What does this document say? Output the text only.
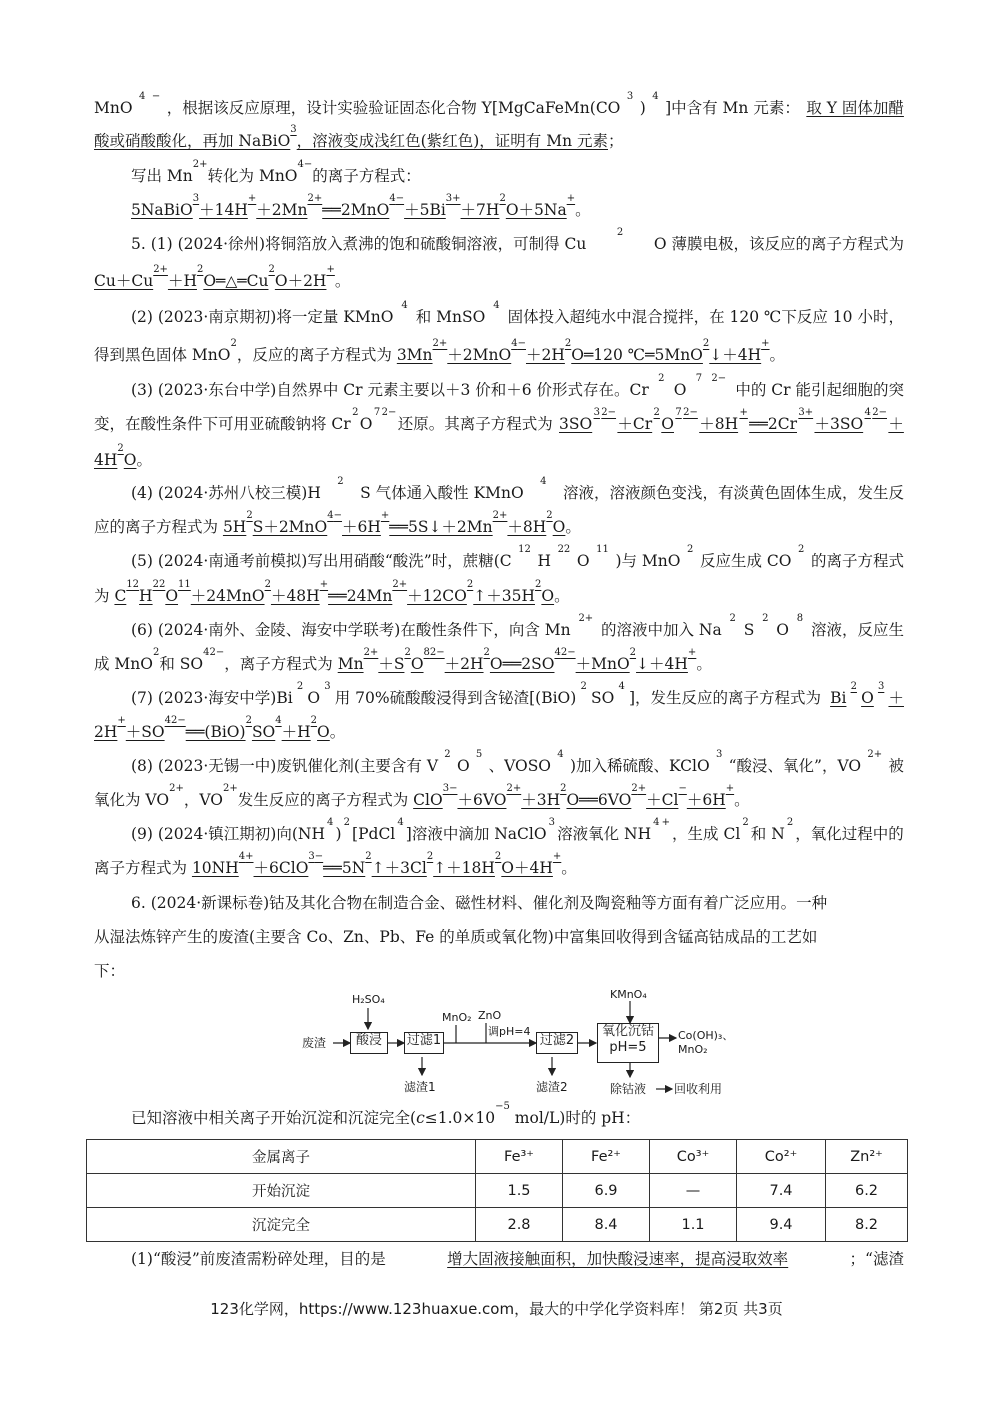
MnO
4 −
，根据该反应原理，设计实验验证固态化合物 Y[MgCaFeMn(CO
3
)
4
]中含有 Mn 元素： 取 Y 固体加醋
酸或硝酸酸化，再加 NaBiO
3
，溶液变成浅红色(紫红色)，证明有 Mn 元素 ；
写出 Mn
2+
转化为 MnO
4 −
的离子方程式：
5NaBiO
3
＋14H
+
＋2Mn
2+
══2MnO
4 −
＋5Bi
3+
＋7H
2
O＋5Na
+
。
5. (1) (2024·徐州)将铜箔放入煮沸的饱和硫酸铜溶液，可制得 Cu
2
O 薄膜电极，该反应的离子方程式为
Cu＋Cu
2+
＋H
2
O═△═Cu
2
O＋2H
+
。
(2) (2023·南京期初)将一定量 KMnO
4
和 MnSO
4
固体投入超纯水中混合搅拌，在 120 ℃下反应 10 小时，
得到黑色固体 MnO
2
，反应的离子方程式为 3Mn
2+
＋2MnO
4 −
＋2H
2
O═120 ℃═5MnO
2
↓＋4H
+
。
(3) (2023·东台中学)自然界中 Cr 元素主要以＋3 价和＋6 价形式存在。Cr
2
O
7 2−
中的 Cr 能引起细胞的突
变，在酸性条件下可用亚硫酸钠将 Cr
2
O
7 2−
还原。其离子方程式为 3SO
3 2−
＋Cr
2
O
7 2−
＋8H
+
══2Cr
3+
＋3SO
4 2−
＋
4H
2
O 。
(4) (2024·苏州八校三模)H
2
S 气体通入酸性 KMnO
4
溶液，溶液颜色变浅，有淡黄色固体生成，发生反
应的离子方程式为 5H
2
S＋2MnO
4 −
＋6H
+
══5S↓＋2Mn
2+
＋8H
2
O 。
(5) (2024·南通考前模拟)写出用硝酸“酸洗”时，蔗糖(C
12
H
22
O
11
)与 MnO
2
反应生成 CO
2
的离子方程式
为 C
12
H
22
O
11
＋24MnO
2
＋48H
+
══24Mn
2+
＋12CO
2
↑＋35H
2
O 。
(6) (2024·南外、金陵、海安中学联考)在酸性条件下，向含 Mn
2+
的溶液中加入 Na
2
S
2
O
8
溶液，反应生
成 MnO
2
和 SO
4 2−
，离子方程式为 Mn
2+
＋S
2
O
8 2−
＋2H
2
O══2SO
4 2−
＋MnO
2
↓＋4H
+
。
(7) (2023·海安中学)Bi
2
O
3
用 70%硫酸酸浸得到含铋渣[(BiO)
2
SO
4
]，发生反应的离子方程式为 Bi
2
O
3
＋
2H
+
＋SO
4 2−
══(BiO)
2
SO
4
＋H
2
O 。
(8) (2023·无锡一中)废钒催化剂(主要含有 V
2
O
5
、VOSO
4
)加入稀硫酸、KClO
3
“酸浸、氧化”，VO
2+
被
氧化为 VO
2 +
，VO
2+
发生反应的离子方程式为 ClO
3 −
＋6VO
2+
＋3H
2
O══6VO
2 +
＋Cl
−
＋6H
+
。
(9) (2024·镇江期初)向(NH
4
)
2
[PdCl
4
]溶液中滴加 NaClO
3
溶液氧化 NH
4 +
，生成 Cl
2
和 N
2
，氧化过程中的
离子方程式为 10NH
4 +
＋6ClO
3 −
══5N
2
↑＋3Cl
2
↑＋18H
2
O＋4H
+
。
6. (2024·新课标卷)钴及其化合物在制造合金、磁性材料、催化剂及陶瓷釉等方面有着广泛应用。一种
从湿法炼锌产生的废渣(主要含 Co、Zn、Pb、Fe 的单质或氧化物)中富集回收得到含锰高钴成品的工艺如
下：
已知溶液中相关离子开始沉淀和沉淀完全( c ≤1.0×10
−5
mol/L)时的 pH：
(1)“酸浸”前废渣需粉碎处理，目的是	增大固液接触面积，加快酸浸速率，提高浸取效率	；“滤渣
废渣
H₂SO₄
酸浸	过滤1
滤渣1
MnO₂ ZnO
调pH=4
过滤2
滤渣2
KMnO₄
氧化沉钴
pH=5
Co(OH)₃、
MnO₂
除钴液 回收利用
金属离子	Fe³⁺	Fe²⁺	Co³⁺	Co²⁺	Zn²⁺
开始沉淀	1.5	6.9	—	7.4	6.2
沉淀完全	2.8	8.4	1.1	9.4	8.2
123化学网，https://www.123huaxue.com，最大的中学化学资料库！ 第2页 共3页
